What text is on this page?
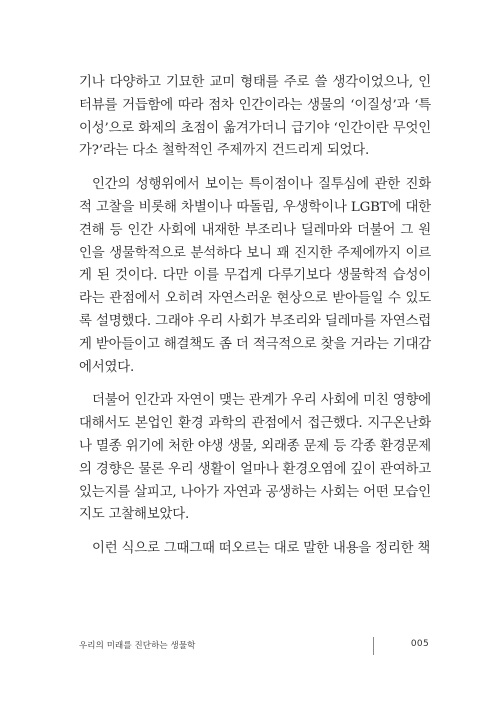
기나 다양하고 기묘한 교미 형태를 주로 쓸 생각이었으나, 인터뷰를 거듭함에 따라 점차 인간이라는 생물의 ‘이질성’과 ‘특이성’으로 화제의 초점이 옮겨가더니 급기야 ‘인간이란 무엇인가?’라는 다소 철학적인 주제까지 건드리게 되었다.

인간의 성행위에서 보이는 특이점이나 질투심에 관한 진화적 고찰을 비롯해 차별이나 따돌림, 우생학이나 LGBT에 대한 견해 등 인간 사회에 내재한 부조리나 딜레마와 더불어 그 원인을 생물학적으로 분석하다 보니 꽤 진지한 주제에까지 이르게 된 것이다. 다만 이를 무겁게 다루기보다 생물학적 습성이라는 관점에서 오히려 자연스러운 현상으로 받아들일 수 있도록 설명했다. 그래야 우리 사회가 부조리와 딜레마를 자연스럽게 받아들이고 해결책도 좀 더 적극적으로 찾을 거라는 기대감에서였다.

더불어 인간과 자연이 맺는 관계가 우리 사회에 미친 영향에 대해서도 본업인 환경 과학의 관점에서 접근했다. 지구온난화나 멸종 위기에 처한 야생 생물, 외래종 문제 등 각종 환경문제의 경향은 물론 우리 생활이 얼마나 환경오염에 깊이 관여하고 있는지를 살피고, 나아가 자연과 공생하는 사회는 어떤 모습인지도 고찰해보았다.

이런 식으로 그때그때 떠오르는 대로 말한 내용을 정리한 책

우리의 미래를 진단하는 생물학	005
